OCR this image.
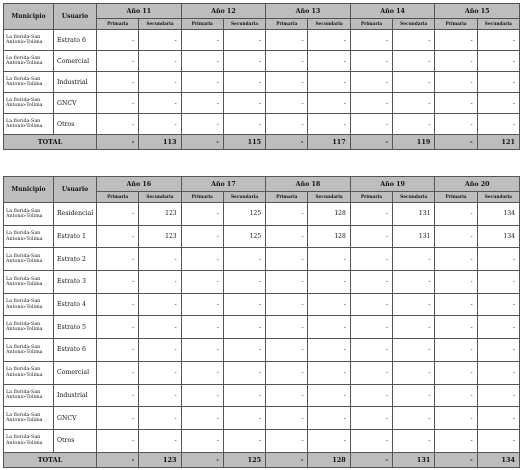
Municipio	Usuario	Año 11		Año 12		Año 13		Año 14		Año 15	
		Primaria	Secundaria	Primaria	Secundaria	Primaria	Secundaria	Primaria	Secundaria	Primaria	Secundaria
La florida-San Antonio-Tolima	Estrato 6	-	-	-	-	-	-	-	-	-	-
La florida-San Antonio-Tolima	Comercial	-	-	-	-	-	-	-	-	-	-
La florida-San Antonio-Tolima	Industrial	-	-	-	-	-	-	-	-	-	-
La florida-San Antonio-Tolima	GNCV	-	-	-	-	-	-	-	-	-	-
La florida-San Antonio-Tolima	Otros	-	-	-	-	-	-	-	-	-	-
TOTAL		-	113	-	115	-	117	-	119	-	121
Municipio	Usuario	Año 16		Año 17		Año 18		Año 19		Año 20	
		Primaria	Secundaria	Primaria	Secundaria	Primaria	Secundaria	Primaria	Secundaria	Primaria	Secundaria
La florida-San Antonio-Tolima	Residencial	-	123	-	125	-	128	-	131	-	134
La florida-San Antonio-Tolima	Estrato 1	-	123	-	125	-	128	-	131	-	134
La florida-San Antonio-Tolima	Estrato 2	-	-	-	-	-	-	-	-	-	-
La florida-San Antonio-Tolima	Estrato 3	-	-	-	-	-	-	-	-	-	-
La florida-San Antonio-Tolima	Estrato 4	-	-	-	-	-	-	-	-	-	-
La florida-San Antonio-Tolima	Estrato 5	-	-	-	-	-	-	-	-	-	-
La florida-San Antonio-Tolima	Estrato 6	-	-	-	-	-	-	-	-	-	-
La florida-San Antonio-Tolima	Comercial	-	-	-	-	-	-	-	-	-	-
La florida-San Antonio-Tolima	Industrial	-	-	-	-	-	-	-	-	-	-
La florida-San Antonio-Tolima	GNCV	-	-	-	-	-	-	-	-	-	-
La florida-San Antonio-Tolima	Otros	-	-	-	-	-	-	-	-	-	-
TOTAL		-	123	-	125	-	128	-	131	-	134
